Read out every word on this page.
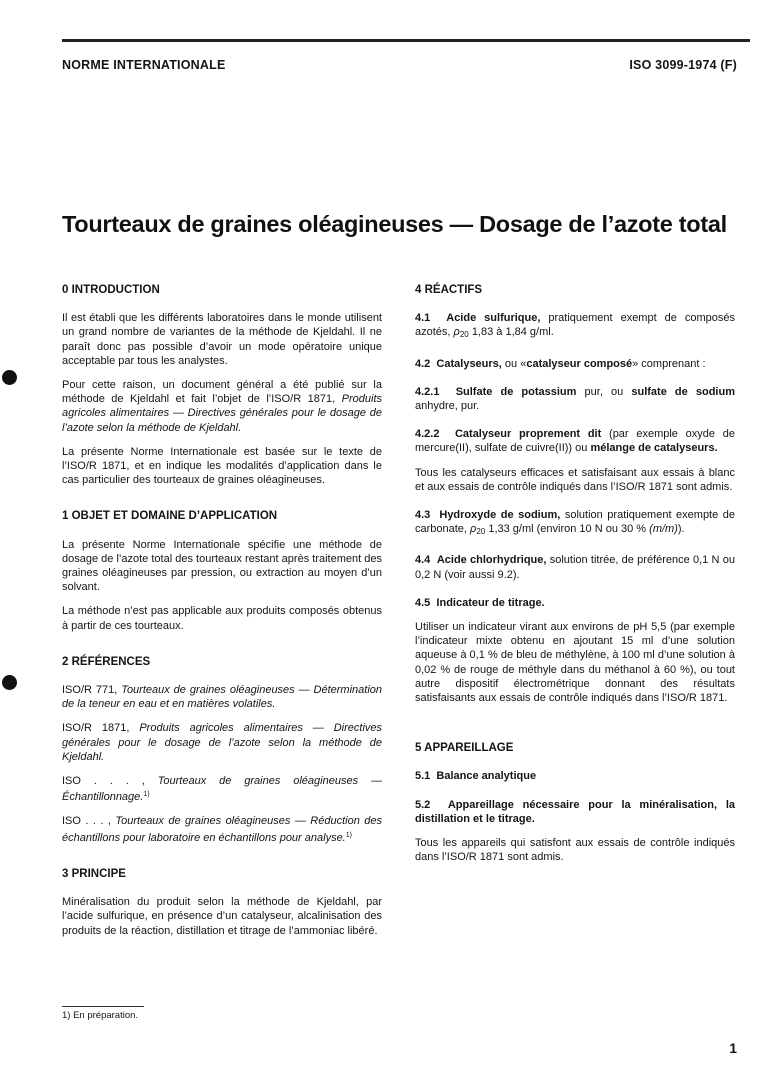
NORME INTERNATIONALE	ISO 3099-1974 (F)
Tourteaux de graines oléagineuses — Dosage de l’azote total
0 INTRODUCTION

Il est établi que les différents laboratoires dans le monde utilisent un grand nombre de variantes de la méthode de Kjeldahl. Il ne paraît donc pas possible d’avoir un mode opératoire unique acceptable par tous les analystes.

Pour cette raison, un document général a été publié sur la méthode de Kjeldahl et fait l’objet de l’ISO/R 1871, Produits agricoles alimentaires — Directives générales pour le dosage de l’azote selon la méthode de Kjeldahl.

La présente Norme Internationale est basée sur le texte de l’ISO/R 1871, et en indique les modalités d’application dans le cas particulier des tourteaux de graines oléagineuses.

1 OBJET ET DOMAINE D’APPLICATION

La présente Norme Internationale spécifie une méthode de dosage de l’azote total des tourteaux restant après traitement des graines oléagineuses par pression, ou extraction au moyen d’un solvant.

La méthode n’est pas applicable aux produits composés obtenus à partir de ces tourteaux.

2 RÉFÉRENCES

ISO/R 771, Tourteaux de graines oléagineuses — Détermination de la teneur en eau et en matières volatiles.

ISO/R 1871, Produits agricoles alimentaires — Directives générales pour le dosage de l’azote selon la méthode de Kjeldahl.

ISO . . . , Tourteaux de graines oléagineuses — Échantillonnage.$^{1)}$

ISO . . . , Tourteaux de graines oléagineuses — Réduction des échantillons pour laboratoire en échantillons pour analyse.$^{1)}$

3 PRINCIPE

Minéralisation du produit selon la méthode de Kjeldahl, par l’acide sulfurique, en présence d’un catalyseur, alcalinisation des produits de la réaction, distillation et titrage de l’ammoniac libéré.

4 RÉACTIFS

4.1 Acide sulfurique, pratiquement exempt de composés azotés, $\rho_{20}$ 1,83 à 1,84 g/ml.

4.2 Catalyseurs, ou «catalyseur composé» comprenant :

4.2.1 Sulfate de potassium pur, ou sulfate de sodium anhydre, pur.

4.2.2 Catalyseur proprement dit (par exemple oxyde de mercure(II), sulfate de cuivre(II)) ou mélange de catalyseurs.

Tous les catalyseurs efficaces et satisfaisant aux essais à blanc et aux essais de contrôle indiqués dans l’ISO/R 1871 sont admis.

4.3 Hydroxyde de sodium, solution pratiquement exempte de carbonate, $\rho_{20}$ 1,33 g/ml (environ 10 N ou 30 % (m/m)).

4.4 Acide chlorhydrique, solution titrée, de préférence 0,1 N ou 0,2 N (voir aussi 9.2).

4.5 Indicateur de titrage.

Utiliser un indicateur virant aux environs de pH 5,5 (par exemple l’indicateur mixte obtenu en ajoutant 15 ml d’une solution aqueuse à 0,1 % de bleu de méthylène, à 100 ml d’une solution à 0,02 % de rouge de méthyle dans du méthanol à 60 %), ou tout autre dispositif électrométrique donnant des résultats satisfaisants aux essais de contrôle indiqués dans l’ISO/R 1871.

5 APPAREILLAGE

5.1 Balance analytique

5.2 Appareillage nécessaire pour la minéralisation, la distillation et le titrage.

Tous les appareils qui satisfont aux essais de contrôle indiqués dans l’ISO/R 1871 sont admis.

1) En préparation.
1
